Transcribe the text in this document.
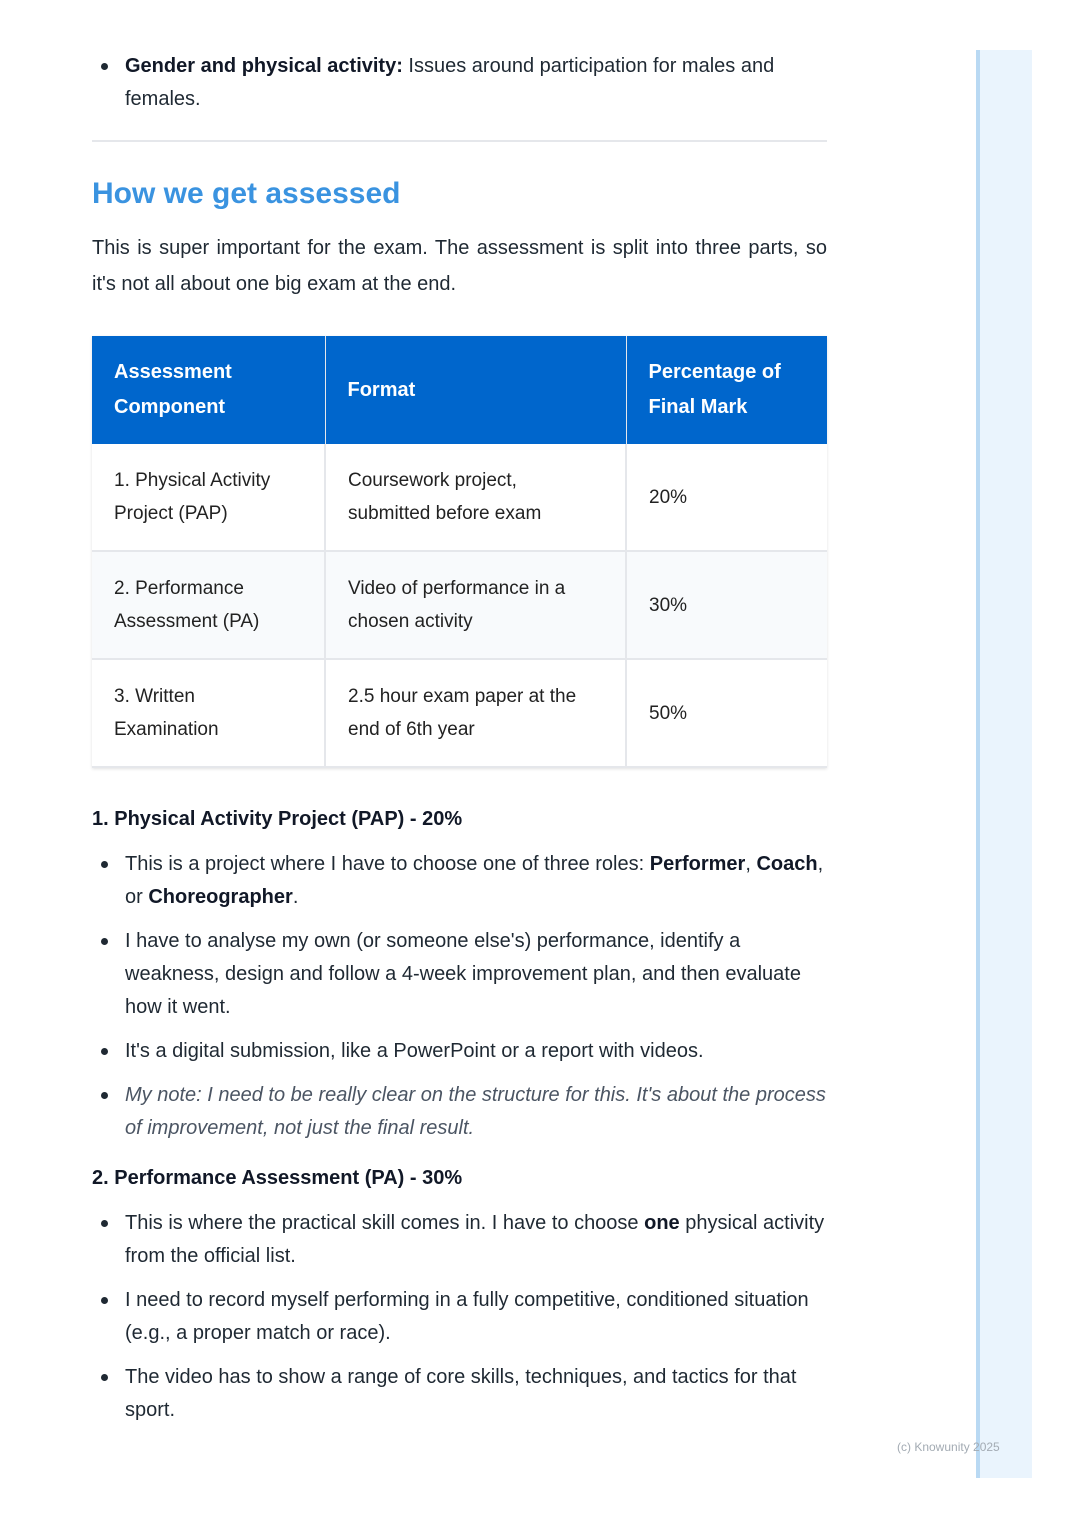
Gender and physical activity: Issues around participation for males and females.
How we get assessed

This is super important for the exam. The assessment is split into three parts, so it's not all about one big exam at the end.

Assessment Component	Format	Percentage of Final Mark
1. Physical Activity Project (PAP)	Coursework project, submitted before exam	20%
2. Performance Assessment (PA)	Video of performance in a chosen activity	30%
3. Written Examination	2.5 hour exam paper at the end of 6th year	50%
1. Physical Activity Project (PAP) - 20%
This is a project where I have to choose one of three roles: Performer, Coach, or Choreographer.
I have to analyse my own (or someone else's) performance, identify a weakness, design and follow a 4-week improvement plan, and then evaluate how it went.
It's a digital submission, like a PowerPoint or a report with videos.
My note: I need to be really clear on the structure for this. It's about the process of improvement, not just the final result.
2. Performance Assessment (PA) - 30%
This is where the practical skill comes in. I have to choose one physical activity from the official list.
I need to record myself performing in a fully competitive, conditioned situation (e.g., a proper match or race).
The video has to show a range of core skills, techniques, and tactics for that sport.
(c) Knowunity 2025
